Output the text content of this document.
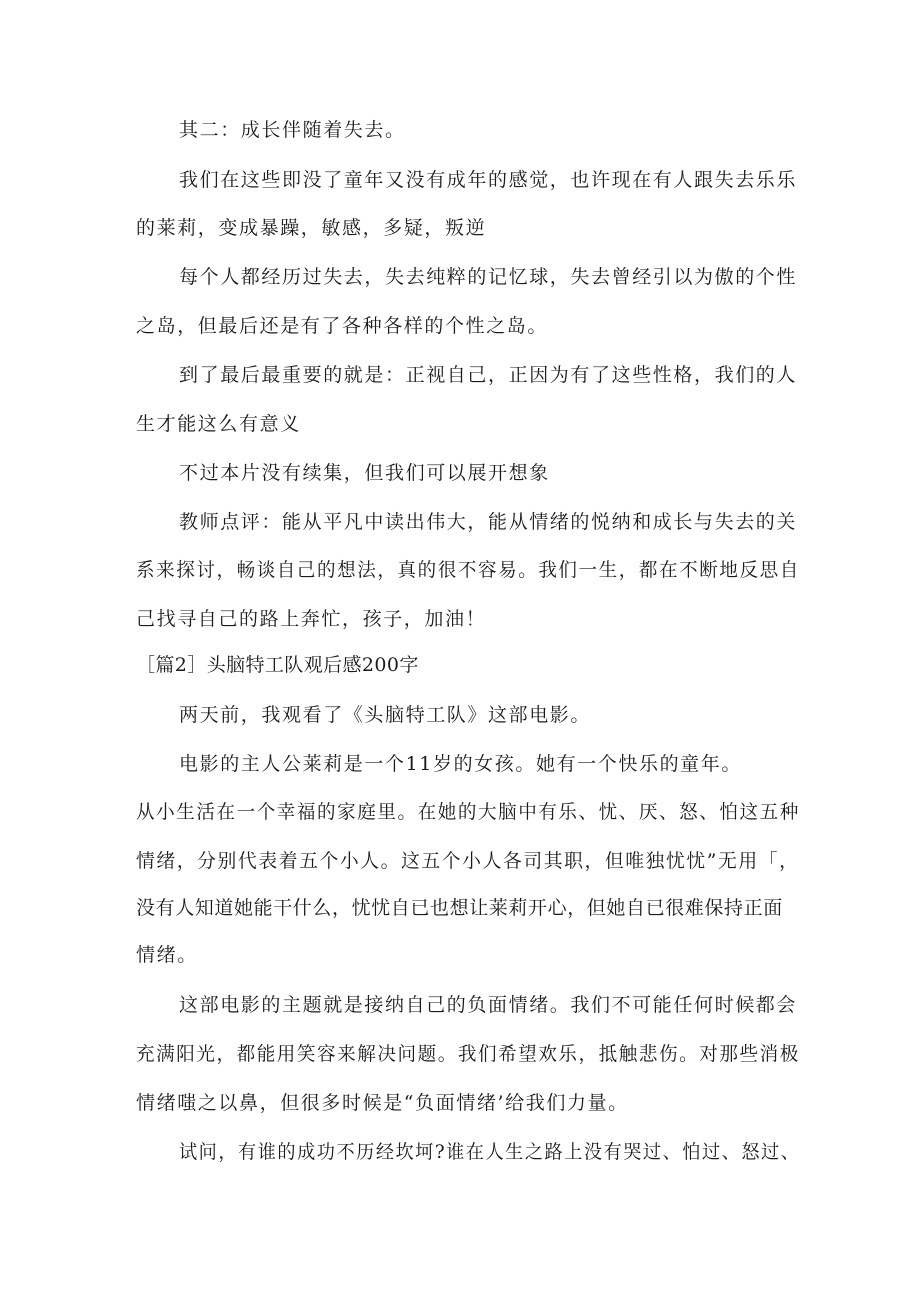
其二：成长伴随着失去。
我们在这些即没了童年又没有成年的感觉，也许现在有人跟失去乐乐
的莱莉，变成暴躁，敏感，多疑，叛逆
每个人都经历过失去，失去纯粹的记忆球，失去曾经引以为傲的个性
之岛，但最后还是有了各种各样的个性之岛。
到了最后最重要的就是：正视自己，正因为有了这些性格，我们的人
生才能这么有意义
不过本片没有续集，但我们可以展开想象
教师点评：能从平凡中读出伟大，能从情绪的悦纳和成长与失去的关
系来探讨，畅谈自己的想法，真的很不容易。我们一生，都在不断地反思自
己找寻自己的路上奔忙，孩子，加油！
［篇2］头脑特工队观后感200字
两天前，我观看了《头脑特工队》这部电影。
电影的主人公莱莉是一个11岁的女孩。她有一个快乐的童年。
从小生活在一个幸福的家庭里。在她的大脑中有乐、忧、厌、怒、怕这五种
情绪，分别代表着五个小人。这五个小人各司其职，但唯独忧忧”无用「，
没有人知道她能干什么，忧忧自已也想让莱莉开心，但她自已很难保持正面
情绪。
这部电影的主题就是接纳自己的负面情绪。我们不可能任何时候都会
充满阳光，都能用笑容来解决问题。我们希望欢乐，抵触悲伤。对那些消极
情绪嗤之以鼻，但很多时候是“负面情绪’给我们力量。
试问，有谁的成功不历经坎坷?谁在人生之路上没有哭过、怕过、怒过、
